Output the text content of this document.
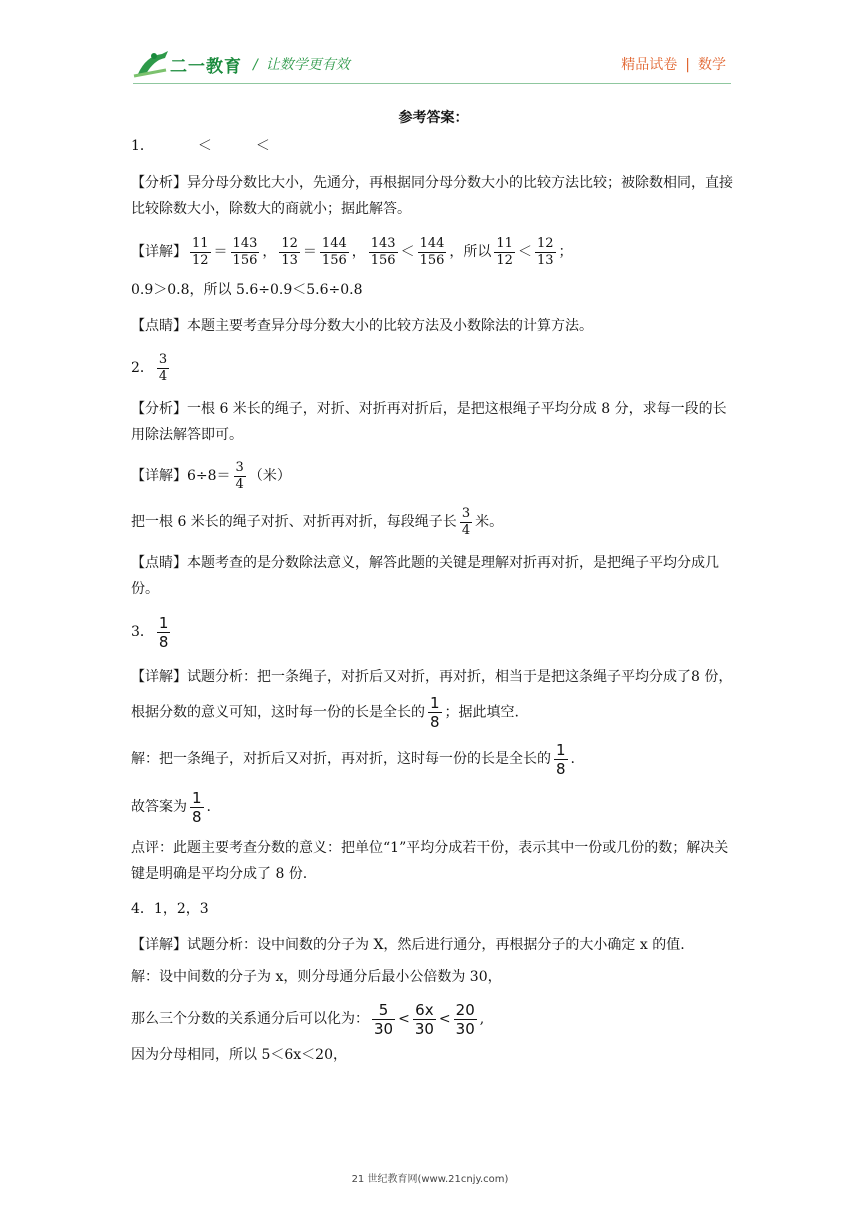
二一教育 / 让数学更有效	精品试卷 | 数学
参考答案：

1．	＜	＜

【分析】异分母分数比大小，先通分，再根据同分母分数大小的比较方法比较；被除数相同，直接比较除数大小，除数大的商就小；据此解答。

【详解】 $\frac{11}{12} = \frac{143}{156}$ ， $\frac{12}{13} = \frac{144}{156}$ ， $\frac{143}{156} < \frac{144}{156}$ ，所以 $\frac{11}{12} < \frac{12}{13}$ ；

0.9＞0.8，所以 5.6÷0.9＜5.6÷0.8

【点睛】本题主要考查异分母分数大小的比较方法及小数除法的计算方法。

2． $\frac{3}{4}$

【分析】一根 6 米长的绳子，对折、对折再对折后，是把这根绳子平均分成 8 分，求每一段的长用除法解答即可。

【详解】 $6\div 8= \frac{3}{4}$ （米）
把一根 6 米长的绳子对折、对折再对折，每段绳子长 $\frac{3}{4}$ 米。

【点睛】本题考查的是分数除法意义，解答此题的关键是理解对折再对折，是把绳子平均分成几份。

3． $\frac{1}{8}$

【详解】试题分析：把一条绳子，对折后又对折，再对折，相当于是把这条绳子平均分成了8 份，根据分数的意义可知，这时每一份的长是全长的 $\frac{1}{8}$ ；据此填空.

解：把一条绳子，对折后又对折，再对折，这时每一份的长是全长的 $\frac{1}{8}$ .
故答案为 $\frac{1}{8}$ .

点评：此题主要考查分数的意义：把单位“1”平均分成若干份，表示其中一份或几份的数；解决关键是明确是平均分成了 8 份.

4．1，2，3

【详解】试题分析：设中间数的分子为 X，然后进行通分，再根据分子的大小确定 x 的值.

解：设中间数的分子为 x，则分母通分后最小公倍数为 30，

那么三个分数的关系通分后可以化为： $\frac{5}{30} < \frac{6x}{30} < \frac{20}{30}$ ,

因为分母相同，所以 5＜6x＜20，

21 世纪教育网(www.21cnjy.com)
